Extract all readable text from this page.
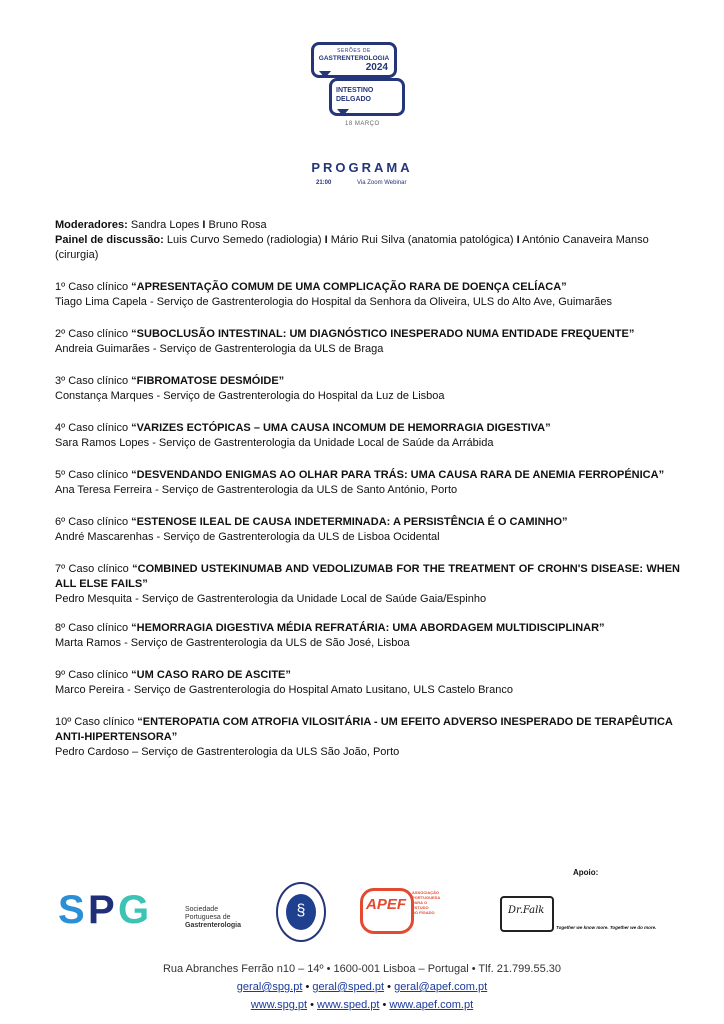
SERÕES DE
GASTRENTEROLOGIA
2024
INTESTINO
DELGADO
18 MARÇO
PROGRAMA
21:00	Via Zoom Webinar

Moderadores: Sandra Lopes I Bruno Rosa

Painel de discussão: Luis Curvo Semedo (radiologia) I Mário Rui Silva (anatomia patológica) I António Canaveira Manso (cirurgia)

1º Caso clínico “APRESENTAÇÃO COMUM DE UMA COMPLICAÇÃO RARA DE DOENÇA CELÍACA”

Tiago Lima Capela - Serviço de Gastrenterologia do Hospital da Senhora da Oliveira, ULS do Alto Ave, Guimarães

2º Caso clínico “SUBOCLUSÃO INTESTINAL: UM DIAGNÓSTICO INESPERADO NUMA ENTIDADE FREQUENTE”

Andreia Guimarães - Serviço de Gastrenterologia da ULS de Braga

3º Caso clínico “FIBROMATOSE DESMÓIDE”

Constança Marques - Serviço de Gastrenterologia do Hospital da Luz de Lisboa

4º Caso clínico “VARIZES ECTÓPICAS – UMA CAUSA INCOMUM DE HEMORRAGIA DIGESTIVA”

Sara Ramos Lopes - Serviço de Gastrenterologia da Unidade Local de Saúde da Arrábida

5º Caso clínico “DESVENDANDO ENIGMAS AO OLHAR PARA TRÁS: UMA CAUSA RARA DE ANEMIA FERROPÉNICA”

Ana Teresa Ferreira - Serviço de Gastrenterologia da ULS de Santo António, Porto

6º Caso clínico “ESTENOSE ILEAL DE CAUSA INDETERMINADA: A PERSISTÊNCIA É O CAMINHO”

André Mascarenhas - Serviço de Gastrenterologia da ULS de Lisboa Ocidental

7º Caso clínico “COMBINED USTEKINUMAB AND VEDOLIZUMAB FOR THE TREATMENT OF CROHN'S DISEASE: WHEN ALL ELSE FAILS”

Pedro Mesquita - Serviço de Gastrenterologia da Unidade Local de Saúde Gaia/Espinho

8º Caso clínico “HEMORRAGIA DIGESTIVA MÉDIA REFRATÁRIA: UMA ABORDAGEM MULTIDISCIPLINAR”

Marta Ramos - Serviço de Gastrenterologia da ULS de São José, Lisboa

9º Caso clínico “UM CASO RARO DE ASCITE”

Marco Pereira - Serviço de Gastrenterologia do Hospital Amato Lusitano, ULS Castelo Branco

10º Caso clínico “ENTEROPATIA COM ATROFIA VILOSITÁRIA - UM EFEITO ADVERSO INESPERADO DE TERAPÊUTICA ANTI-HIPERTENSORA”

Pedro Cardoso – Serviço de Gastrenterologia da ULS São João, Porto

Apoio:
S P G	Sociedade
Portuguesa de
Gastrenterologia
§	APEF
ASSOCIAÇÃO
PORTUGUESA
PARA O ESTUDO
DO FÍGADO	Dr.Falk
Together we know more. Together we do more.
Rua Abranches Ferrão n10 – 14º • 1600-001 Lisboa – Portugal • Tlf. 21.799.55.30
geral@spg.pt • geral@sped.pt • geral@apef.com.pt
www.spg.pt • www.sped.pt • www.apef.com.pt
